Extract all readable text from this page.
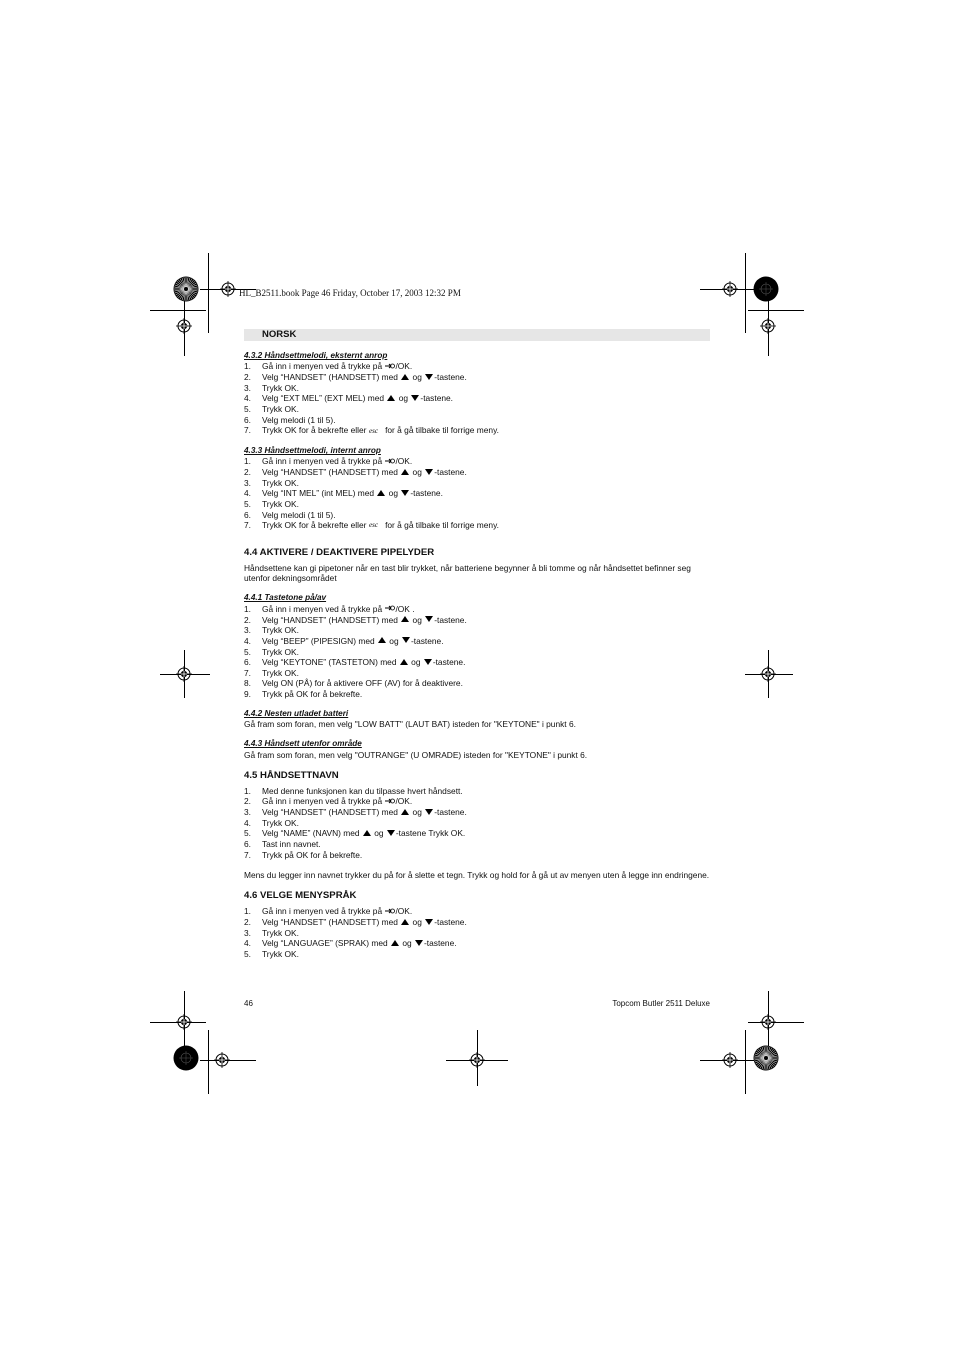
HL_B2511.book Page 46 Friday, October 17, 2003 12:32 PM
NORSK

4.3.2 Håndsettmelodi, eksternt anrop

1. Gå inn i menyen ved å trykke på /OK.
2. Velg “HANDSET” (HANDSETT) med  og -tastene.
3. Trykk OK.
4. Velg “EXT MEL” (EXT MEL) med  og -tastene.
5. Trykk OK.
6. Velg melodi (1 til 5).
7. Trykk OK for å bekrefte eller esc for å gå tilbake til forrige meny.

4.3.3 Håndsettmelodi, internt anrop

1. Gå inn i menyen ved å trykke på /OK.
2. Velg “HANDSET” (HANDSETT) med  og -tastene.
3. Trykk OK.
4. Velg “INT MEL” (int MEL) med  og -tastene.
5. Trykk OK.
6. Velg melodi (1 til 5).
7. Trykk OK for å bekrefte eller esc for å gå tilbake til forrige meny.

4.4 AKTIVERE / DEAKTIVERE PIPELYDER

Håndsettene kan gi pipetoner når en tast blir trykket, når batteriene begynner å bli tomme og når håndsettet befinner seg utenfor dekningsområdet

4.4.1 Tastetone på/av

1. Gå inn i menyen ved å trykke på /OK .
2. Velg “HANDSET” (HANDSETT) med  og -tastene.
3. Trykk OK.
4. Velg “BEEP” (PIPESIGN) med  og -tastene.
5. Trykk OK.
6. Velg “KEYTONE” (TASTETON) med  og -tastene.
7. Trykk OK.
8. Velg ON (PÅ) for å aktivere OFF (AV) for å deaktivere.
9. Trykk på OK for å bekrefte.

4.4.2 Nesten utladet batteri

Gå fram som foran, men velg "LOW BATT" (LAUT BAT) isteden for "KEYTONE" i punkt 6.

4.4.3 Håndsett utenfor område

Gå fram som foran, men velg "OUTRANGE" (U OMRADE) isteden for "KEYTONE" i punkt 6.

4.5 HÅNDSETTNAVN

1. Med denne funksjonen kan du tilpasse hvert håndsett.
2. Gå inn i menyen ved å trykke på /OK.
3. Velg “HANDSET” (HANDSETT) med  og -tastene.
4. Trykk OK.
5. Velg “NAME” (NAVN) med  og -tastene Trykk OK.
6. Tast inn navnet.
7. Trykk på OK for å bekrefte.

Mens du legger inn navnet trykker du på for å slette et tegn. Trykk og hold for å gå ut av menyen uten å legge inn endringene.

4.6 VELGE MENYSPRÅK

1. Gå inn i menyen ved å trykke på /OK.
2. Velg “HANDSET” (HANDSETT) med  og -tastene.
3. Trykk OK.
4. Velg “LANGUAGE” (SPRAK) med  og -tastene.
5. Trykk OK.
46	Topcom Butler 2511 Deluxe
